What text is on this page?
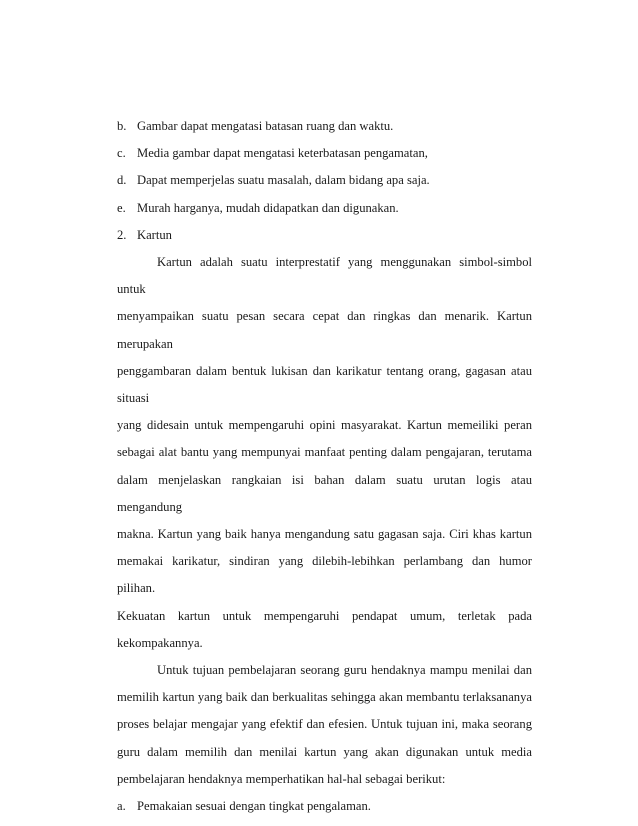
b. Gambar dapat mengatasi batasan ruang dan waktu.
c. Media gambar dapat mengatasi keterbatasan pengamatan,
d. Dapat memperjelas suatu masalah, dalam bidang apa saja.
e. Murah harganya, mudah didapatkan dan digunakan.
2. Kartun
Kartun adalah suatu interprestatif yang menggunakan simbol-simbol untuk
menyampaikan suatu pesan secara cepat dan ringkas dan menarik. Kartun merupakan
penggambaran dalam bentuk lukisan dan karikatur tentang orang, gagasan atau situasi
yang didesain untuk mempengaruhi opini masyarakat. Kartun memeiliki peran
sebagai alat bantu yang mempunyai manfaat penting dalam pengajaran, terutama
dalam menjelaskan rangkaian isi bahan dalam suatu urutan logis atau mengandung
makna. Kartun yang baik hanya mengandung satu gagasan saja. Ciri khas kartun
memakai karikatur, sindiran yang dilebih-lebihkan perlambang dan humor pilihan.
Kekuatan kartun untuk mempengaruhi pendapat umum, terletak pada
kekompakannya.
Untuk tujuan pembelajaran seorang guru hendaknya mampu menilai dan
memilih kartun yang baik dan berkualitas sehingga akan membantu terlaksananya
proses belajar mengajar yang efektif dan efesien. Untuk tujuan ini, maka seorang
guru dalam memilih dan menilai kartun yang akan digunakan untuk media
pembelajaran hendaknya memperhatikan hal-hal sebagai berikut:
a. Pemakaian sesuai dengan tingkat pengalaman.
